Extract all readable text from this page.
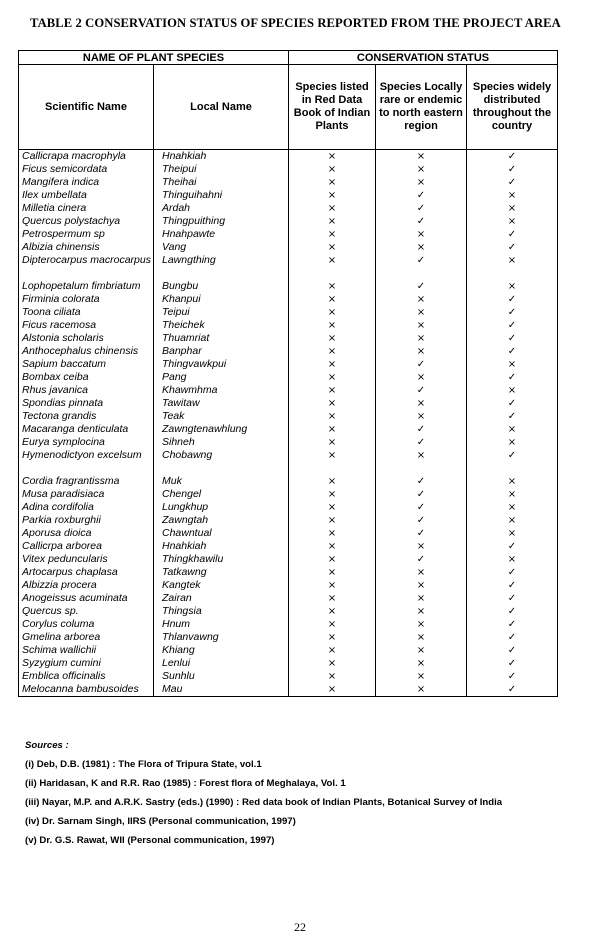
TABLE 2 CONSERVATION STATUS OF SPECIES REPORTED FROM THE PROJECT AREA
NAME OF PLANT SPECIES		CONSERVATION STATUS		
Scientific Name	Local Name	Species listed in Red Data Book of Indian Plants	Species Locally rare or endemic to north eastern region	Species widely distributed throughout the country
Callicrapa macrophyla	Hnahkiah	×	×	✓
Ficus semicordata	Theipui	×	×	✓
Mangifera indica	Theihai	×	×	✓
Ilex umbellata	Thinguihahni	×	✓	×
Milletia cinera	Ardah	×	✓	×
Quercus polystachya	Thingpuithing	×	✓	×
Petrospermum sp	Hnahpawte	×	×	✓
Albizia chinensis	Vang	×	×	✓
Dipterocarpus macrocarpus	Lawngthing	×	✓	×
Lophopetalum fimbriatum	Bungbu	×	✓	×
Firminia colorata	Khanpui	×	×	✓
Toona ciliata	Teipui	×	×	✓
Ficus racemosa	Theichek	×	×	✓
Alstonia scholaris	Thuamriat	×	×	✓
Anthocephalus chinensis	Banphar	×	×	✓
Sapium baccatum	Thingvawkpui	×	✓	×
Bombax ceiba	Pang	×	×	✓
Rhus javanica	Khawmhma	×	✓	×
Spondias pinnata	Tawitaw	×	×	✓
Tectona grandis	Teak	×	×	✓
Macaranga denticulata	Zawngtenawhlung	×	✓	×
Eurya symplocina	Sihneh	×	✓	×
Hymenodictyon excelsum	Chobawng	×	×	✓
Cordia fragrantissma	Muk	×	✓	×
Musa paradisiaca	Chengel	×	✓	×
Adina cordifolia	Lungkhup	×	✓	×
Parkia roxburghii	Zawngtah	×	✓	×
Aporusa dioica	Chawntual	×	✓	×
Callicrpa arborea	Hnahkiah	×	×	✓
Vitex peduncularis	Thingkhawilu	×	✓	×
Artocarpus chaplasa	Tatkawng	×	×	✓
Albizzia procera	Kangtek	×	×	✓
Anogeissus acuminata	Zairan	×	×	✓
Quercus sp.	Thingsia	×	×	✓
Corylus columa	Hnum	×	×	✓
Gmelina arborea	Thlanvawng	×	×	✓
Schima wallichii	Khiang	×	×	✓
Syzygium cumini	Lenlui	×	×	✓
Emblica officinalis	Sunhlu	×	×	✓
Melocanna bambusoides	Mau	×	×	✓
Sources :
(i) Deb, D.B. (1981) : The Flora of Tripura State, vol.1
(ii) Haridasan, K and R.R. Rao (1985) : Forest flora of Meghalaya, Vol. 1
(iii) Nayar, M.P. and A.R.K. Sastry (eds.) (1990) : Red data book of Indian Plants, Botanical Survey of India
(iv) Dr. Sarnam Singh, IIRS (Personal communication, 1997)
(v) Dr. G.S. Rawat, WII (Personal communication, 1997)
22
